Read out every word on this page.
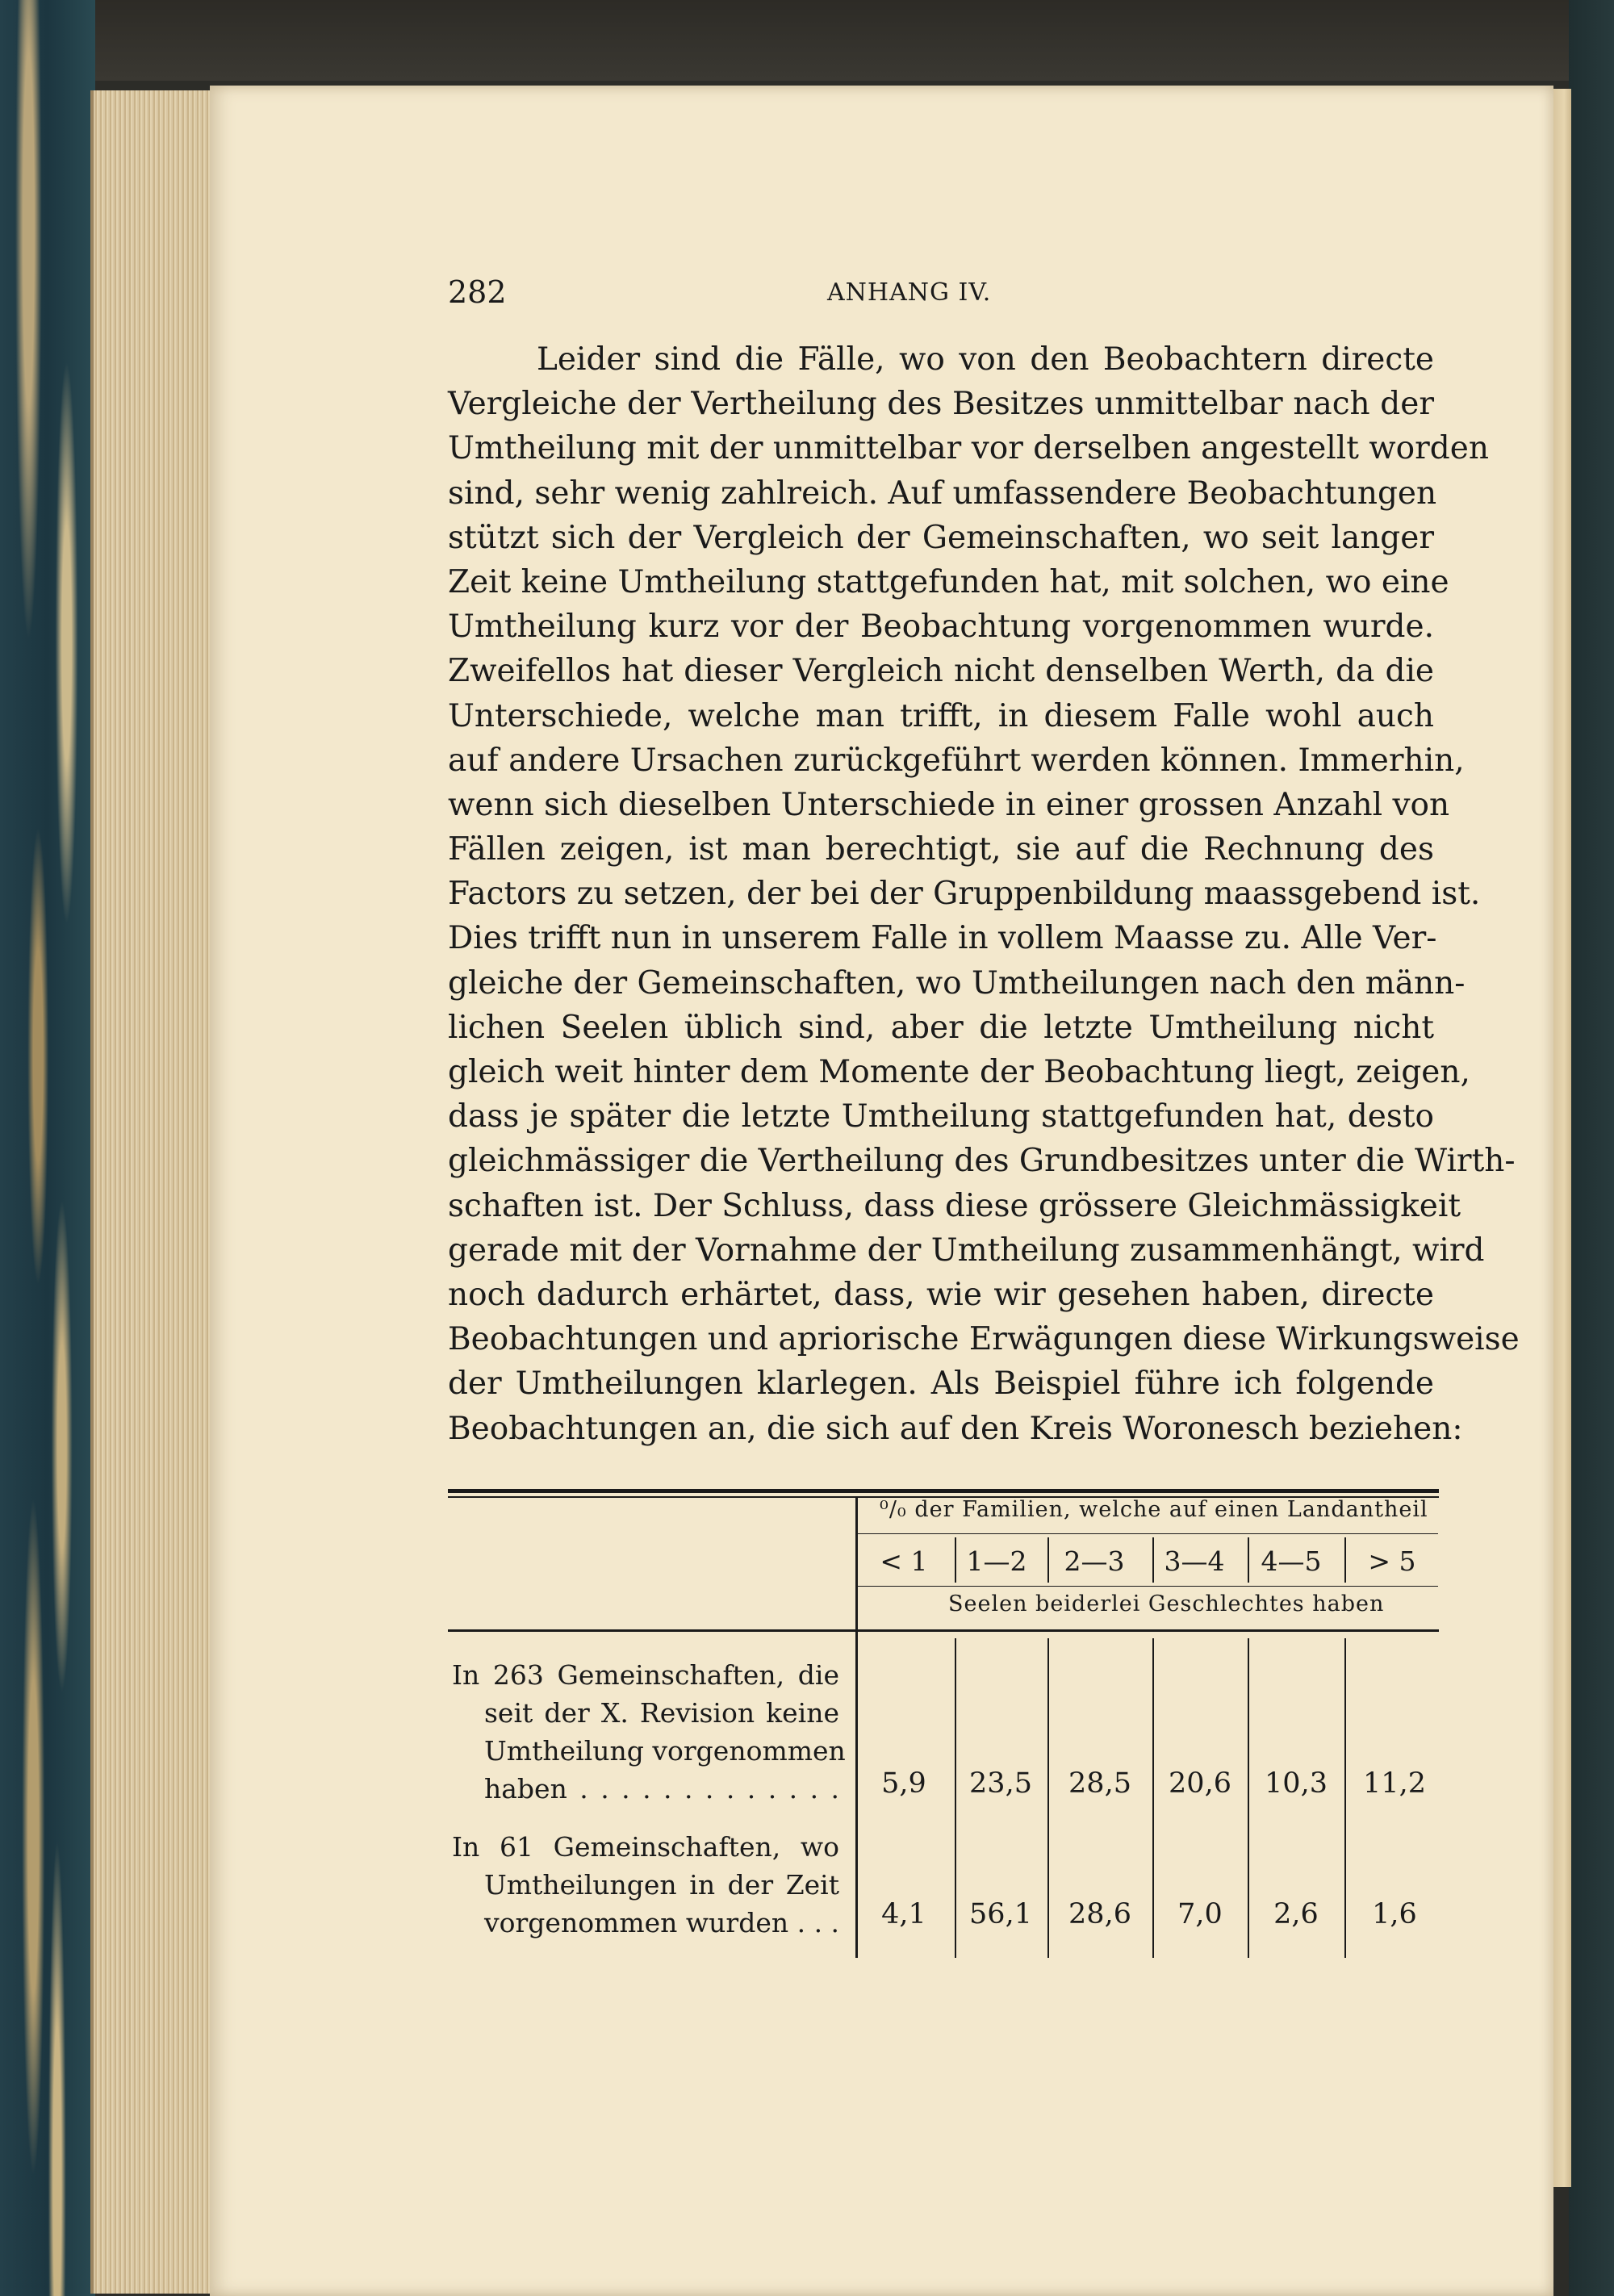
282	ANHANG IV.
Leider sind die Fälle, wo von den Beobachtern directe
Vergleiche der Vertheilung des Besitzes unmittelbar nach der
Umtheilung mit der unmittelbar vor derselben angestellt worden
sind, sehr wenig zahlreich. Auf umfassendere Beobachtungen
stützt sich der Vergleich der Gemeinschaften, wo seit langer
Zeit keine Umtheilung stattgefunden hat, mit solchen, wo eine
Umtheilung kurz vor der Beobachtung vorgenommen wurde.
Zweifellos hat dieser Vergleich nicht denselben Werth, da die
Unterschiede, welche man trifft, in diesem Falle wohl auch
auf andere Ursachen zurückgeführt werden können. Immerhin,
wenn sich dieselben Unterschiede in einer grossen Anzahl von
Fällen zeigen, ist man berechtigt, sie auf die Rechnung des
Factors zu setzen, der bei der Gruppenbildung maassgebend ist.
Dies trifft nun in unserem Falle in vollem Maasse zu. Alle Ver-
gleiche der Gemeinschaften, wo Umtheilungen nach den männ-
lichen Seelen üblich sind, aber die letzte Umtheilung nicht
gleich weit hinter dem Momente der Beobachtung liegt, zeigen,
dass je später die letzte Umtheilung stattgefunden hat, desto
gleichmässiger die Vertheilung des Grundbesitzes unter die Wirth-
schaften ist. Der Schluss, dass diese grössere Gleichmässigkeit
gerade mit der Vornahme der Umtheilung zusammenhängt, wird
noch dadurch erhärtet, dass, wie wir gesehen haben, directe
Beobachtungen und apriorische Erwägungen diese Wirkungsweise
der Umtheilungen klarlegen. Als Beispiel führe ich folgende
Beobachtungen an, die sich auf den Kreis Woronesch beziehen:
⁰/₀ der Familien, welche auf einen Landantheil
< 1	1—2	2—3	3—4	4—5	> 5
Seelen beiderlei Geschlechtes haben
In 263 Gemeinschaften, die
seit der X. Revision keine
Umtheilung vorgenommen
haben . . . . . . . . . . . . .	5,9	23,5	28,5	20,6	10,3	11,2
In 61 Gemeinschaften, wo
Umtheilungen in der Zeit
vorgenommen wurden . . .	4,1	56,1	28,6	7,0	2,6	1,6
